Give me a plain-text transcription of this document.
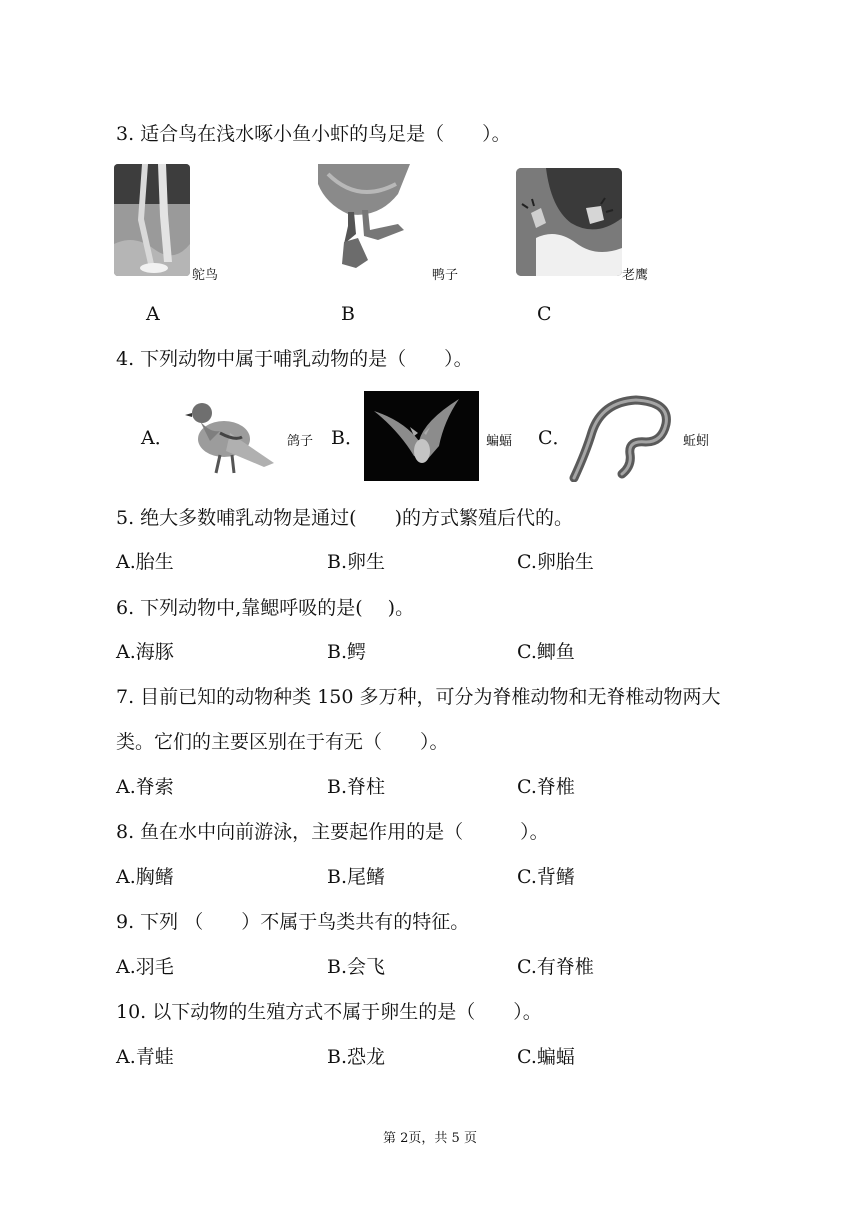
3. 适合鸟在浅水啄小鱼小虾的鸟足是（　　）。
鸵鸟	鸭子	老鹰
A	B	C
4. 下列动物中属于哺乳动物的是（　　）。
A．	鸽子 B．	蝙蝠 C．	蚯蚓
5. 绝大多数哺乳动物是通过(　　)的方式繁殖后代的。
A.胎生	B.卵生	C.卵胎生
6. 下列动物中,靠鳃呼吸的是(　 )。
A.海豚	B.鳄	C.鲫鱼
7. 目前已知的动物种类 150 多万种，可分为脊椎动物和无脊椎动物两大
类。它们的主要区别在于有无（　　）。
A.脊索	B.脊柱	C.脊椎
8. 鱼在水中向前游泳，主要起作用的是（　　　）。
A.胸鳍	B.尾鳍	C.背鳍
9. 下列 （　　）不属于鸟类共有的特征。
A.羽毛	B.会飞	C.有脊椎
10. 以下动物的生殖方式不属于卵生的是（　　）。
A.青蛙	B.恐龙	C.蝙蝠
第 2页，共 5 页
